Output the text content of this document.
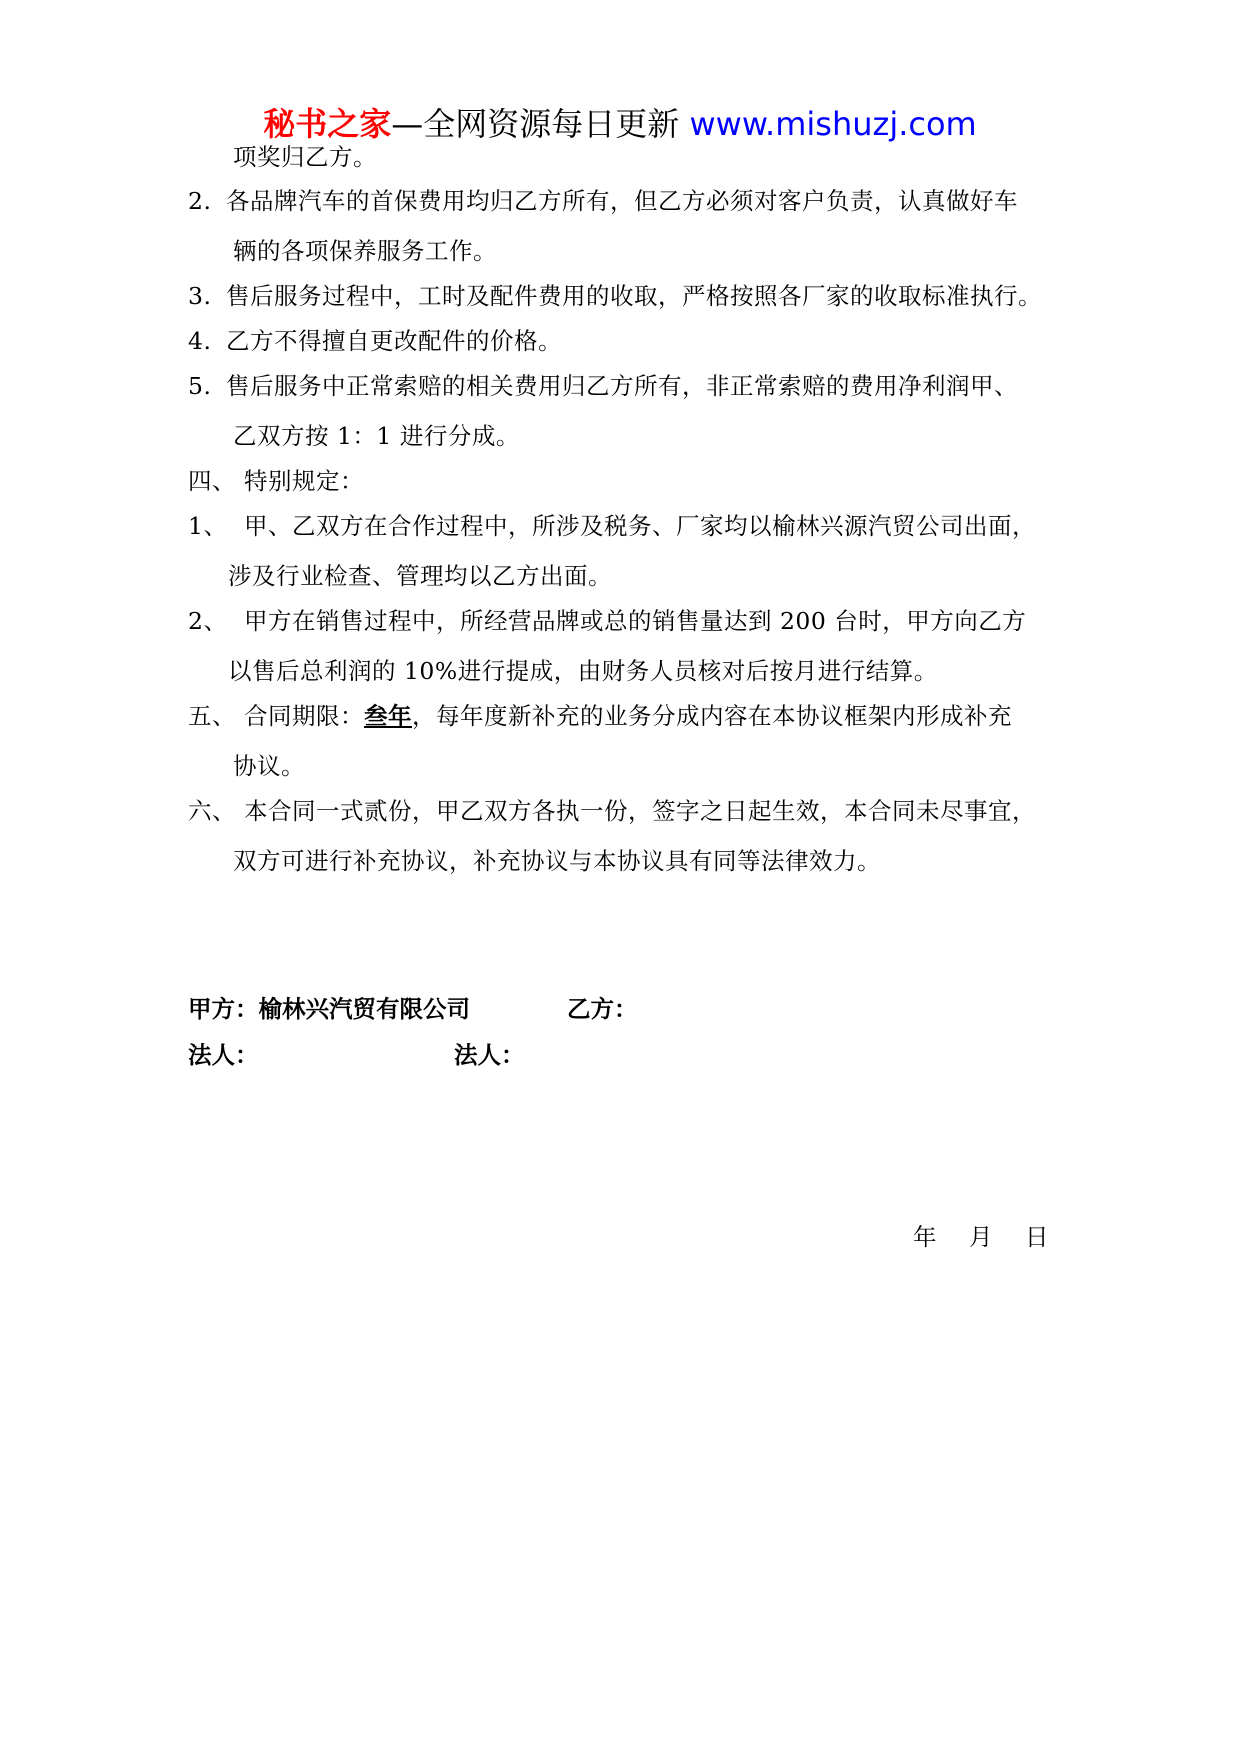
秘书之家—全网资源每日更新 www.mishuzj.com
项奖归乙方。
2. 各品牌汽车的首保费用均归乙方所有，但乙方必须对客户负责，认真做好车
辆的各项保养服务工作。
3. 售后服务过程中，工时及配件费用的收取，严格按照各厂家的收取标准执行。
4. 乙方不得擅自更改配件的价格。
5. 售后服务中正常索赔的相关费用归乙方所有，非正常索赔的费用净利润甲、
乙双方按 1：1 进行分成。
四、 特别规定：
1、 甲、乙双方在合作过程中，所涉及税务、厂家均以榆林兴源汽贸公司出面，
涉及行业检查、管理均以乙方出面。
2、 甲方在销售过程中，所经营品牌或总的销售量达到 200 台时，甲方向乙方
以售后总利润的 10%进行提成，由财务人员核对后按月进行结算。
五、 合同期限：叁年，每年度新补充的业务分成内容在本协议框架内形成补充
协议。
六、 本合同一式贰份，甲乙双方各执一份，签字之日起生效，本合同未尽事宜，
双方可进行补充协议，补充协议与本协议具有同等法律效力。
甲方：榆林兴汽贸有限公司	乙方：
法人：	法人：
年 月 日
